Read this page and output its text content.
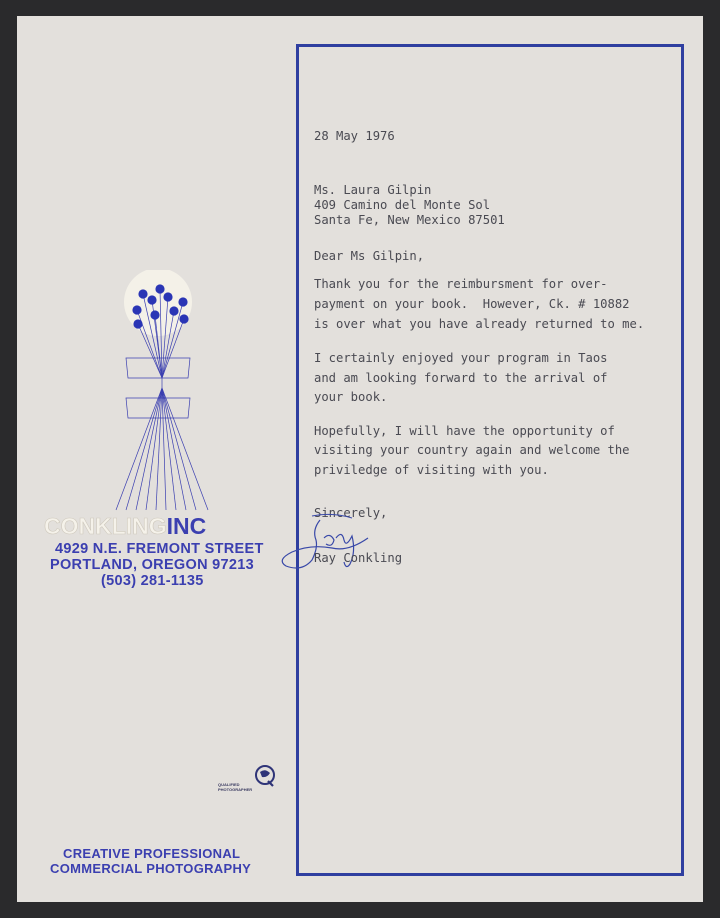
CONKLINGINC
4929 N.E. FREMONT STREET
PORTLAND, OREGON 97213
(503) 281-1135
QUALIFIED
PHOTOGRAPHER
CREATIVE PROFESSIONAL
COMMERCIAL PHOTOGRAPHY
28 May 1976
Ms. Laura Gilpin
409 Camino del Monte Sol
Santa Fe, New Mexico 87501
Dear Ms Gilpin,
Thank you for the reimbursment for over-
payment on your book.  However, Ck. # 10882
is over what you have already returned to me.
I certainly enjoyed your program in Taos
and am looking forward to the arrival of
your book.
Hopefully, I will have the opportunity of
visiting your country again and welcome the
priviledge of visiting with you.
Sincerely,
Ray Conkling
